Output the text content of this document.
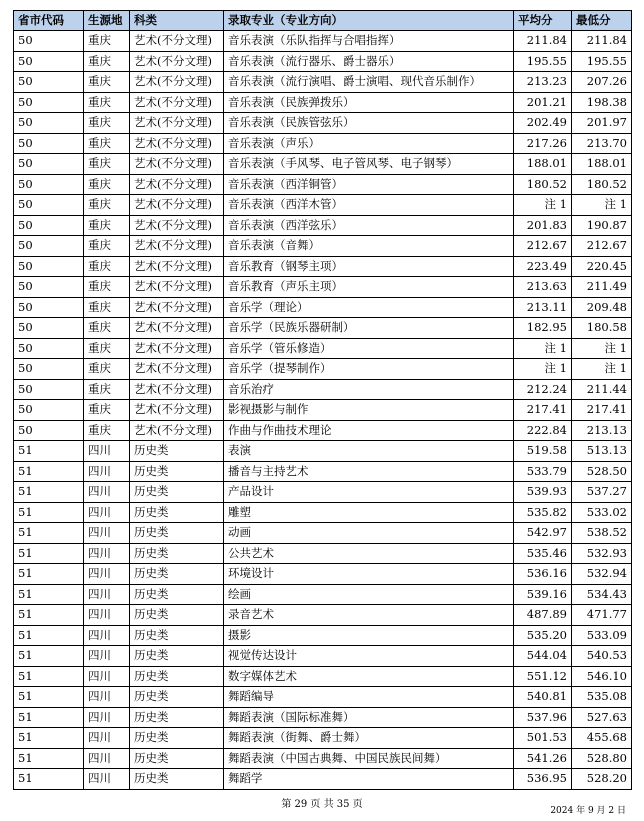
省市代码	生源地	科类	录取专业（专业方向）	平均分	最低分
50	重庆	艺术(不分文理)	音乐表演（乐队指挥与合唱指挥）	211.84	211.84
50	重庆	艺术(不分文理)	音乐表演（流行器乐、爵士器乐）	195.55	195.55
50	重庆	艺术(不分文理)	音乐表演（流行演唱、爵士演唱、现代音乐制作）	213.23	207.26
50	重庆	艺术(不分文理)	音乐表演（民族弹拨乐）	201.21	198.38
50	重庆	艺术(不分文理)	音乐表演（民族管弦乐）	202.49	201.97
50	重庆	艺术(不分文理)	音乐表演（声乐）	217.26	213.70
50	重庆	艺术(不分文理)	音乐表演（手风琴、电子管风琴、电子钢琴）	188.01	188.01
50	重庆	艺术(不分文理)	音乐表演（西洋铜管）	180.52	180.52
50	重庆	艺术(不分文理)	音乐表演（西洋木管）	注 1	注 1
50	重庆	艺术(不分文理)	音乐表演（西洋弦乐）	201.83	190.87
50	重庆	艺术(不分文理)	音乐表演（音舞）	212.67	212.67
50	重庆	艺术(不分文理)	音乐教育（钢琴主项）	223.49	220.45
50	重庆	艺术(不分文理)	音乐教育（声乐主项）	213.63	211.49
50	重庆	艺术(不分文理)	音乐学（理论）	213.11	209.48
50	重庆	艺术(不分文理)	音乐学（民族乐器研制）	182.95	180.58
50	重庆	艺术(不分文理)	音乐学（管乐修造）	注 1	注 1
50	重庆	艺术(不分文理)	音乐学（提琴制作）	注 1	注 1
50	重庆	艺术(不分文理)	音乐治疗	212.24	211.44
50	重庆	艺术(不分文理)	影视摄影与制作	217.41	217.41
50	重庆	艺术(不分文理)	作曲与作曲技术理论	222.84	213.13
51	四川	历史类	表演	519.58	513.13
51	四川	历史类	播音与主持艺术	533.79	528.50
51	四川	历史类	产品设计	539.93	537.27
51	四川	历史类	雕塑	535.82	533.02
51	四川	历史类	动画	542.97	538.52
51	四川	历史类	公共艺术	535.46	532.93
51	四川	历史类	环境设计	536.16	532.94
51	四川	历史类	绘画	539.16	534.43
51	四川	历史类	录音艺术	487.89	471.77
51	四川	历史类	摄影	535.20	533.09
51	四川	历史类	视觉传达设计	544.04	540.53
51	四川	历史类	数字媒体艺术	551.12	546.10
51	四川	历史类	舞蹈编导	540.81	535.08
51	四川	历史类	舞蹈表演（国际标准舞）	537.96	527.63
51	四川	历史类	舞蹈表演（街舞、爵士舞）	501.53	455.68
51	四川	历史类	舞蹈表演（中国古典舞、中国民族民间舞）	541.26	528.80
51	四川	历史类	舞蹈学	536.95	528.20
第 29 页 共 35 页
2024 年 9 月 2 日
